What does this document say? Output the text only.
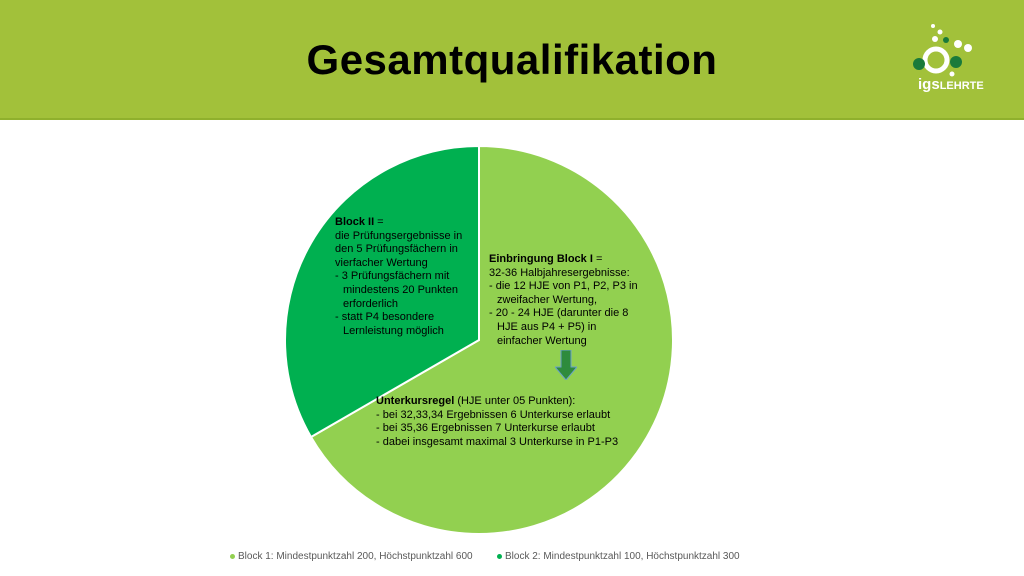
Gesamtqualifikation
igsLEHRTE
Block II =
die Prüfungsergebnisse in
den 5 Prüfungsfächern in
vierfacher Wertung
- 3 Prüfungsfächern mit
mindestens 20 Punkten
erforderlich
- statt P4 besondere
Lernleistung möglich
Einbringung Block I =
32-36 Halbjahresergebnisse:
- die 12 HJE von P1, P2, P3 in
zweifacher Wertung,
- 20 - 24 HJE (darunter die 8
HJE aus P4 + P5) in
einfacher Wertung
Unterkursregel (HJE unter 05 Punkten):
- bei 32,33,34 Ergebnissen 6 Unterkurse erlaubt
- bei 35,36 Ergebnissen 7 Unterkurse erlaubt
- dabei insgesamt maximal 3 Unterkurse in P1-P3
Block 1: Mindestpunktzahl 200, Höchstpunktzahl 600	Block 2: Mindestpunktzahl 100, Höchstpunktzahl 300
